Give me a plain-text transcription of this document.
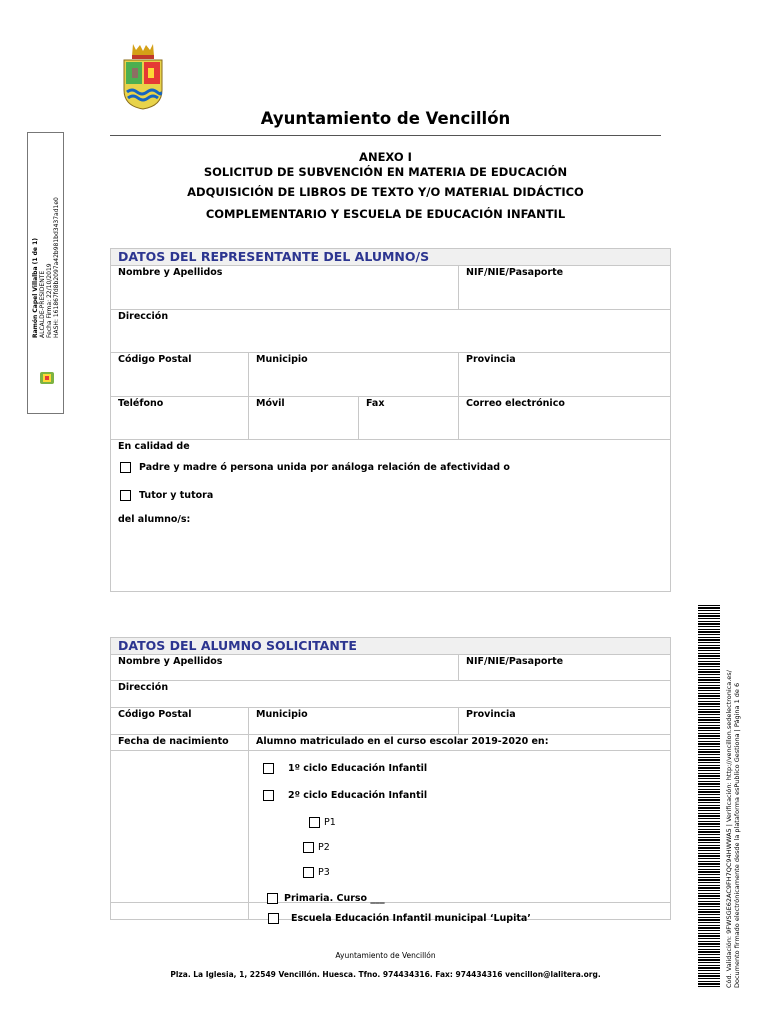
Ayuntamiento de Vencillón
ANEXO I
SOLICITUD DE SUBVENCIÓN EN MATERIA DE EDUCACIÓN
ADQUISICIÓN DE LIBROS DE TEXTO Y/O MATERIAL DIDÁCTICO
COMPLEMENTARIO Y ESCUELA DE EDUCACIÓN INFANTIL
Ramón Capel Villalba (1 de 1) ALCALDE-PRESIDENTE Fecha Firma: 22/10/2019 HASH: 161867fd8b2097a42b981bd3437ad1e0	DATOS DEL REPRESENTANTE DEL ALUMNO/S			
Nombre y Apellidos			NIF/NIE/Pasaporte

Dirección			

Código Postal	Municipio		Provincia

Teléfono	Móvil	Fax	Correo electrónico

En calidad de
Padre y madre ó persona unida por análoga relación de afectividad o
Tutor y tutora
del alumno/s:
DATOS DEL ALUMNO SOLICITANTE		
Nombre y Apellidos		NIF/NIE/Pasaporte

Dirección		

Código Postal	Municipio	Provincia

Fecha de nacimiento	Alumno matriculado en el curso escolar 2019-2020 en:	

1º ciclo Educación Infantil
2º ciclo Educación Infantil
P1
P2
P3
Primaria. Curso ___
Escuela Educación Infantil municipal ‘Lupita’
Ayuntamiento de Vencillón
Plza. La Iglesia, 1, 22549 Vencillón. Huesca. Tfno. 974434316. Fax: 974434316 vencillon@lalitera.org.	Cód. Validación: 9FWSGE62AC9FH7QC94HWWA5 | Verificación: http://vencillon.sedelectronica.es/ Documento firmado electrónicamente desde la plataforma esPublico Gestiona | Página 1 de 6
